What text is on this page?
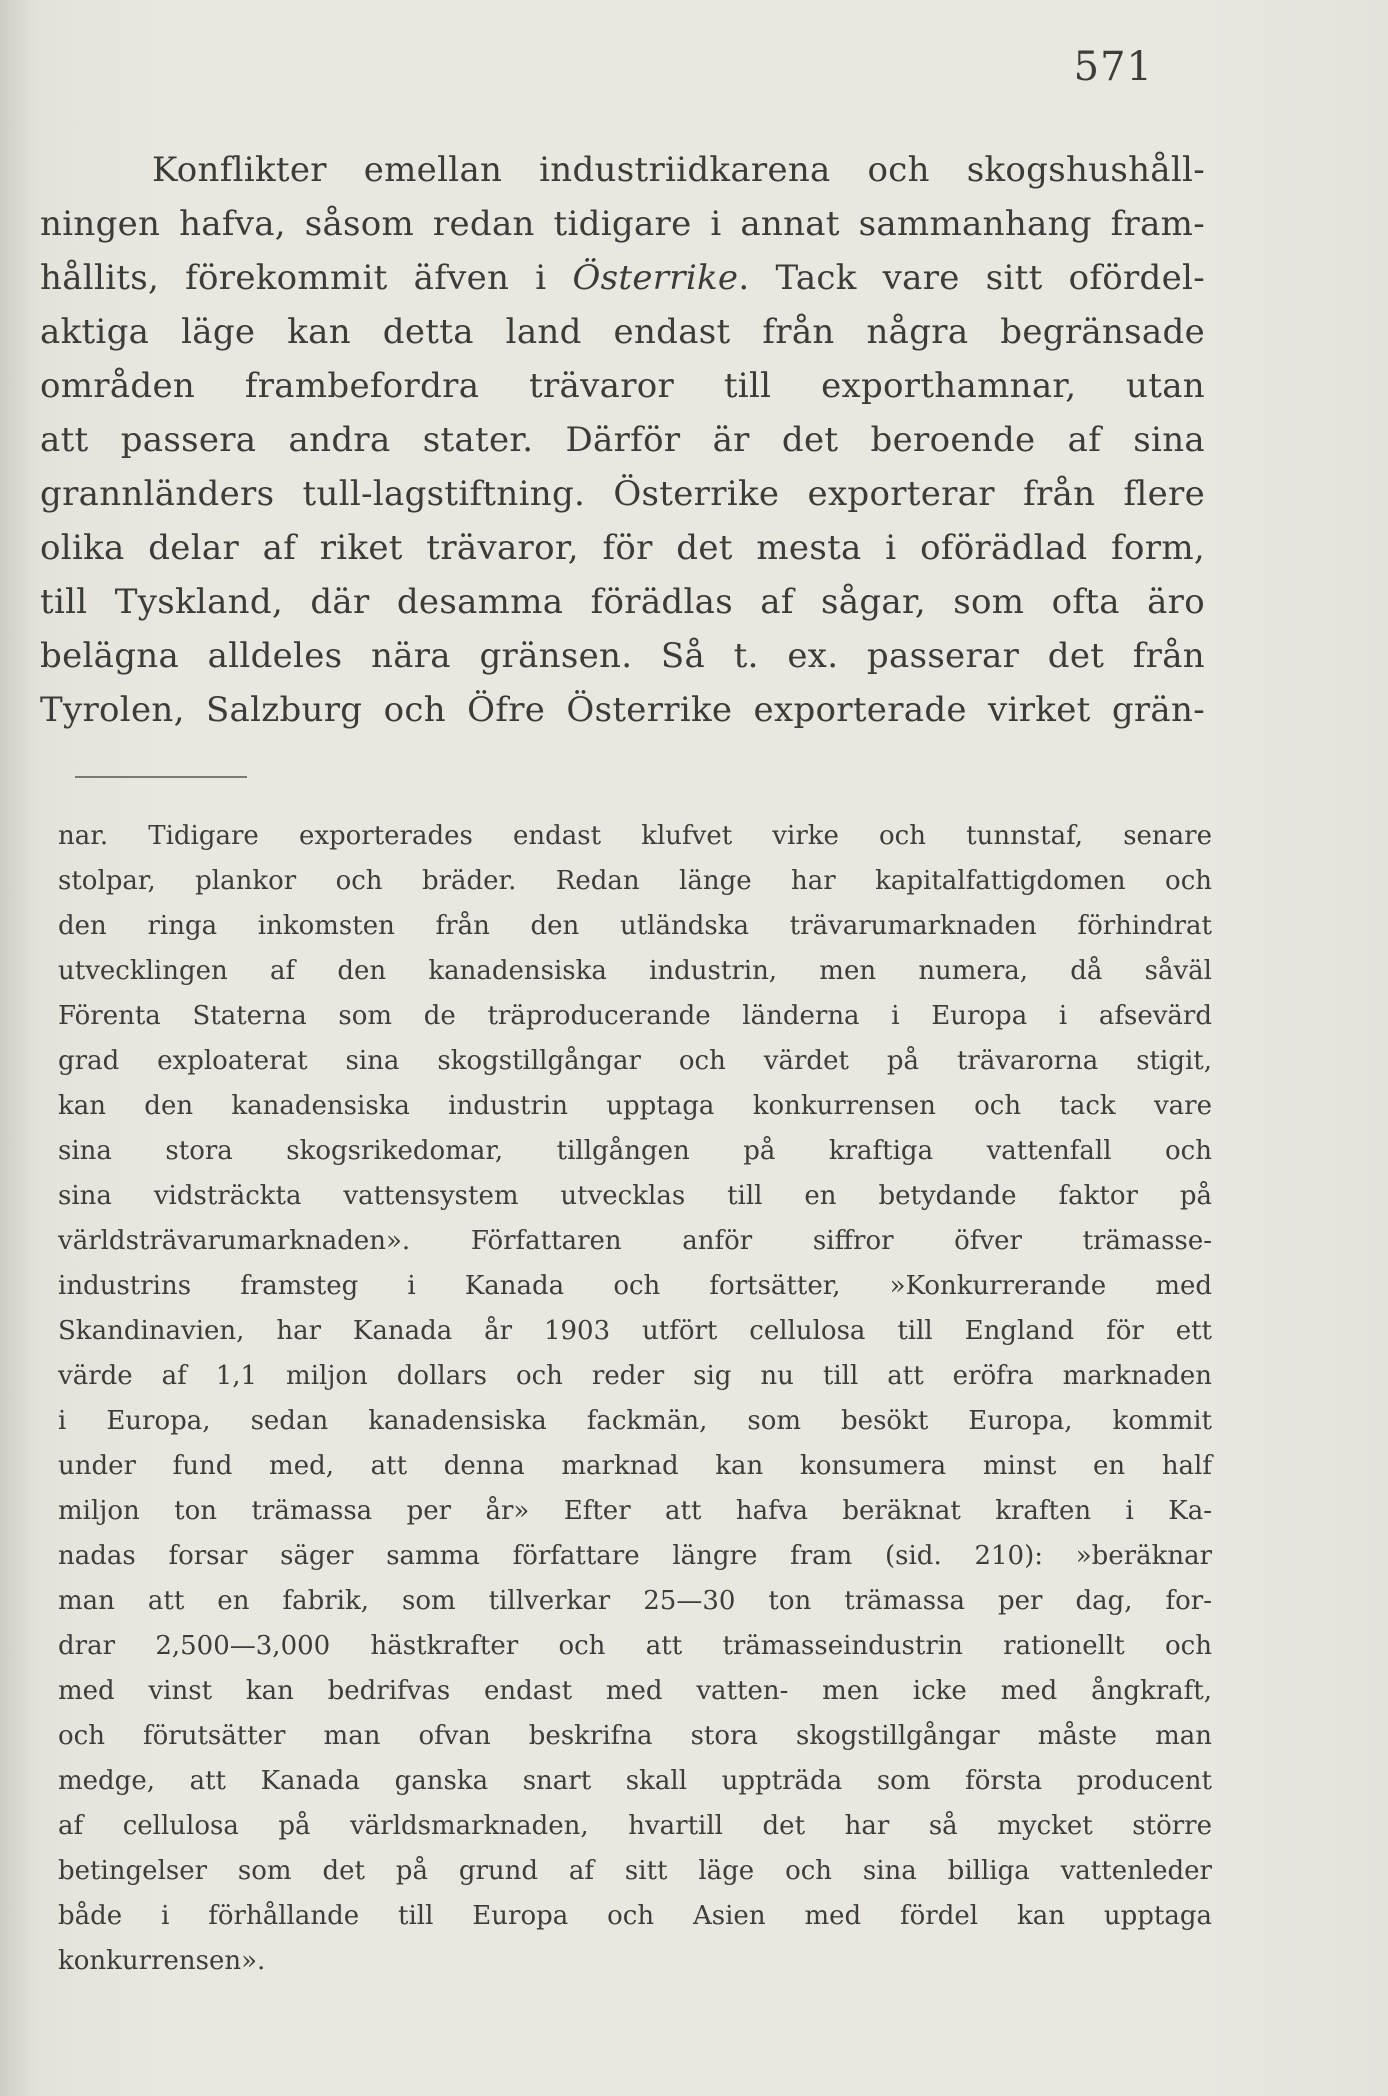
571
Konflikter emellan industriidkarena och skogshushåll-
ningen hafva, såsom redan tidigare i annat sammanhang fram-
hållits, förekommit äfven i Österrike. Tack vare sitt ofördel-
aktiga läge kan detta land endast från några begränsade
områden frambefordra trävaror till exporthamnar, utan
att passera andra stater. Därför är det beroende af sina
grannländers tull-lagstiftning. Österrike exporterar från flere
olika delar af riket trävaror, för det mesta i oförädlad form,
till Tyskland, där desamma förädlas af sågar, som ofta äro
belägna alldeles nära gränsen. Så t. ex. passerar det från
Tyrolen, Salzburg och Öfre Österrike exporterade virket grän-
nar. Tidigare exporterades endast klufvet virke och tunnstaf, senare
stolpar, plankor och bräder. Redan länge har kapitalfattigdomen och
den ringa inkomsten från den utländska trävarumarknaden förhindrat
utvecklingen af den kanadensiska industrin, men numera, då såväl
Förenta Staterna som de träproducerande länderna i Europa i afsevärd
grad exploaterat sina skogstillgångar och värdet på trävarorna stigit,
kan den kanadensiska industrin upptaga konkurrensen och tack vare
sina stora skogsrikedomar, tillgången på kraftiga vattenfall och
sina vidsträckta vattensystem utvecklas till en betydande faktor på
världsträvarumarknaden». Författaren anför siffror öfver trämasse-
industrins framsteg i Kanada och fortsätter, »Konkurrerande med
Skandinavien, har Kanada år 1903 utfört cellulosa till England för ett
värde af 1,1 miljon dollars och reder sig nu till att eröfra marknaden
i Europa, sedan kanadensiska fackmän, som besökt Europa, kommit
under fund med, att denna marknad kan konsumera minst en half
miljon ton trämassa per år» Efter att hafva beräknat kraften i Ka-
nadas forsar säger samma författare längre fram (sid. 210): »beräknar
man att en fabrik, som tillverkar 25—30 ton trämassa per dag, for-
drar 2,500—3,000 hästkrafter och att trämasseindustrin rationellt och
med vinst kan bedrifvas endast med vatten- men icke med ångkraft,
och förutsätter man ofvan beskrifna stora skogstillgångar måste man
medge, att Kanada ganska snart skall uppträda som första producent
af cellulosa på världsmarknaden, hvartill det har så mycket större
betingelser som det på grund af sitt läge och sina billiga vattenleder
både i förhållande till Europa och Asien med fördel kan upptaga
konkurrensen».
